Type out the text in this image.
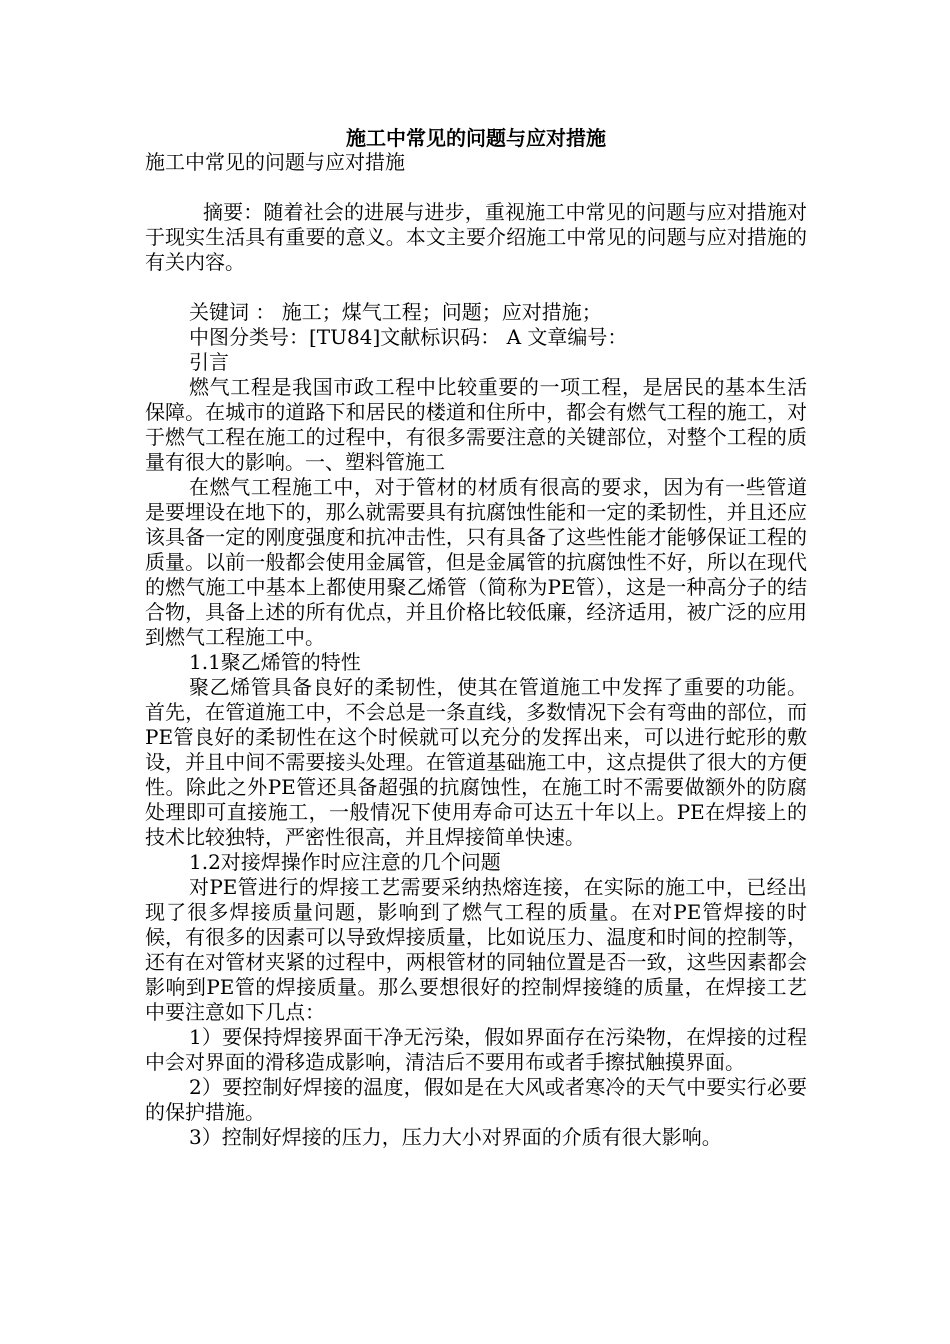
施工中常见的问题与应对措施

施工中常见的问题与应对措施

摘要：随着社会的进展与进步，重视施工中常见的问题与应对措施对于现实生活具有重要的意义。本文主要介绍施工中常见的问题与应对措施的有关内容。

关键词 ： 施工；煤气工程；问题；应对措施；

中图分类号：[TU84]文献标识码： A 文章编号：

引言

燃气工程是我国市政工程中比较重要的一项工程，是居民的基本生活保障。在城市的道路下和居民的楼道和住所中，都会有燃气工程的施工，对于燃气工程在施工的过程中，有很多需要注意的关键部位，对整个工程的质量有很大的影响。一、塑料管施工

在燃气工程施工中，对于管材的材质有很高的要求，因为有一些管道是要埋设在地下的，那么就需要具有抗腐蚀性能和一定的柔韧性，并且还应该具备一定的刚度强度和抗冲击性，只有具备了这些性能才能够保证工程的质量。以前一般都会使用金属管，但是金属管的抗腐蚀性不好，所以在现代的燃气施工中基本上都使用聚乙烯管（简称为PE管），这是一种高分子的结合物，具备上述的所有优点，并且价格比较低廉，经济适用，被广泛的应用到燃气工程施工中。

1.1聚乙烯管的特性

聚乙烯管具备良好的柔韧性，使其在管道施工中发挥了重要的功能。首先，在管道施工中，不会总是一条直线，多数情况下会有弯曲的部位，而PE管良好的柔韧性在这个时候就可以充分的发挥出来，可以进行蛇形的敷设，并且中间不需要接头处理。在管道基础施工中，这点提供了很大的方便性。除此之外PE管还具备超强的抗腐蚀性，在施工时不需要做额外的防腐处理即可直接施工，一般情况下使用寿命可达五十年以上。PE在焊接上的技术比较独特，严密性很高，并且焊接简单快速。

1.2对接焊操作时应注意的几个问题

对PE管进行的焊接工艺需要采纳热熔连接，在实际的施工中，已经出现了很多焊接质量问题，影响到了燃气工程的质量。在对PE管焊接的时候，有很多的因素可以导致焊接质量，比如说压力、温度和时间的控制等，还有在对管材夹紧的过程中，两根管材的同轴位置是否一致，这些因素都会影响到PE管的焊接质量。那么要想很好的控制焊接缝的质量，在焊接工艺中要注意如下几点：

1）要保持焊接界面干净无污染，假如界面存在污染物，在焊接的过程中会对界面的滑移造成影响，清洁后不要用布或者手擦拭触摸界面。

2）要控制好焊接的温度，假如是在大风或者寒冷的天气中要实行必要的保护措施。

3）控制好焊接的压力，压力大小对界面的介质有很大影响。
